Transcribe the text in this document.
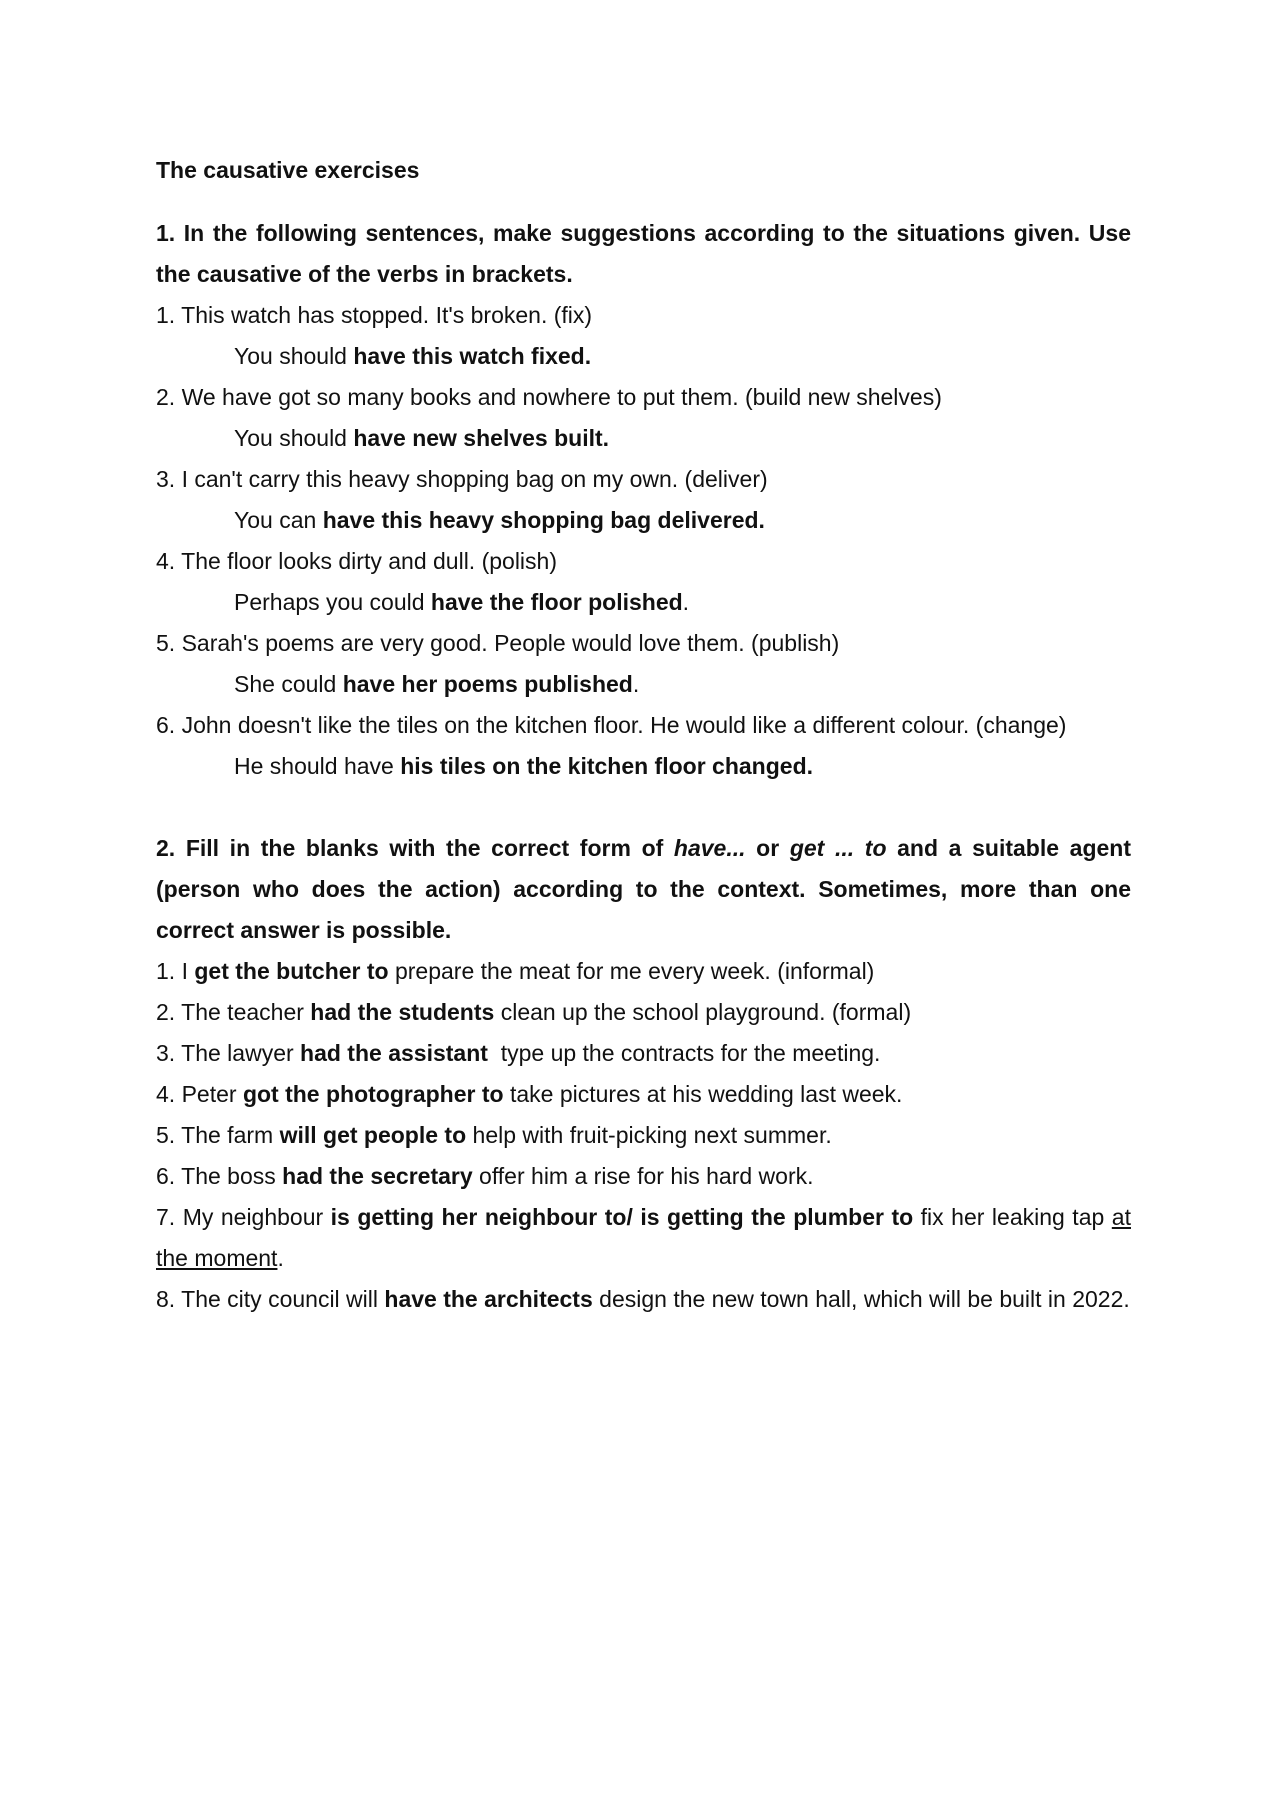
The causative exercises

1. In the following sentences, make suggestions according to the situations given. Use the causative of the verbs in brackets.

1. This watch has stopped. It's broken. (fix)

You should have this watch fixed.

2. We have got so many books and nowhere to put them. (build new shelves)

You should have new shelves built.

3. I can't carry this heavy shopping bag on my own. (deliver)

You can have this heavy shopping bag delivered.

4. The floor looks dirty and dull. (polish)

Perhaps you could have the floor polished.

5. Sarah's poems are very good. People would love them. (publish)

She could have her poems published.

6. John doesn't like the tiles on the kitchen floor. He would like a different colour. (change)

He should have his tiles on the kitchen floor changed.

2. Fill in the blanks with the correct form of have... or get ... to and a suitable agent (person who does the action) according to the context. Sometimes, more than one correct answer is possible.

1. I get the butcher to prepare the meat for me every week. (informal)

2. The teacher had the students clean up the school playground. (formal)

3. The lawyer had the assistant  type up the contracts for the meeting.

4. Peter got the photographer to take pictures at his wedding last week.

5. The farm will get people to help with fruit-picking next summer.

6. The boss had the secretary offer him a rise for his hard work.

7. My neighbour is getting her neighbour to/ is getting the plumber to fix her leaking tap at the moment.

8. The city council will have the architects design the new town hall, which will be built in 2022.
